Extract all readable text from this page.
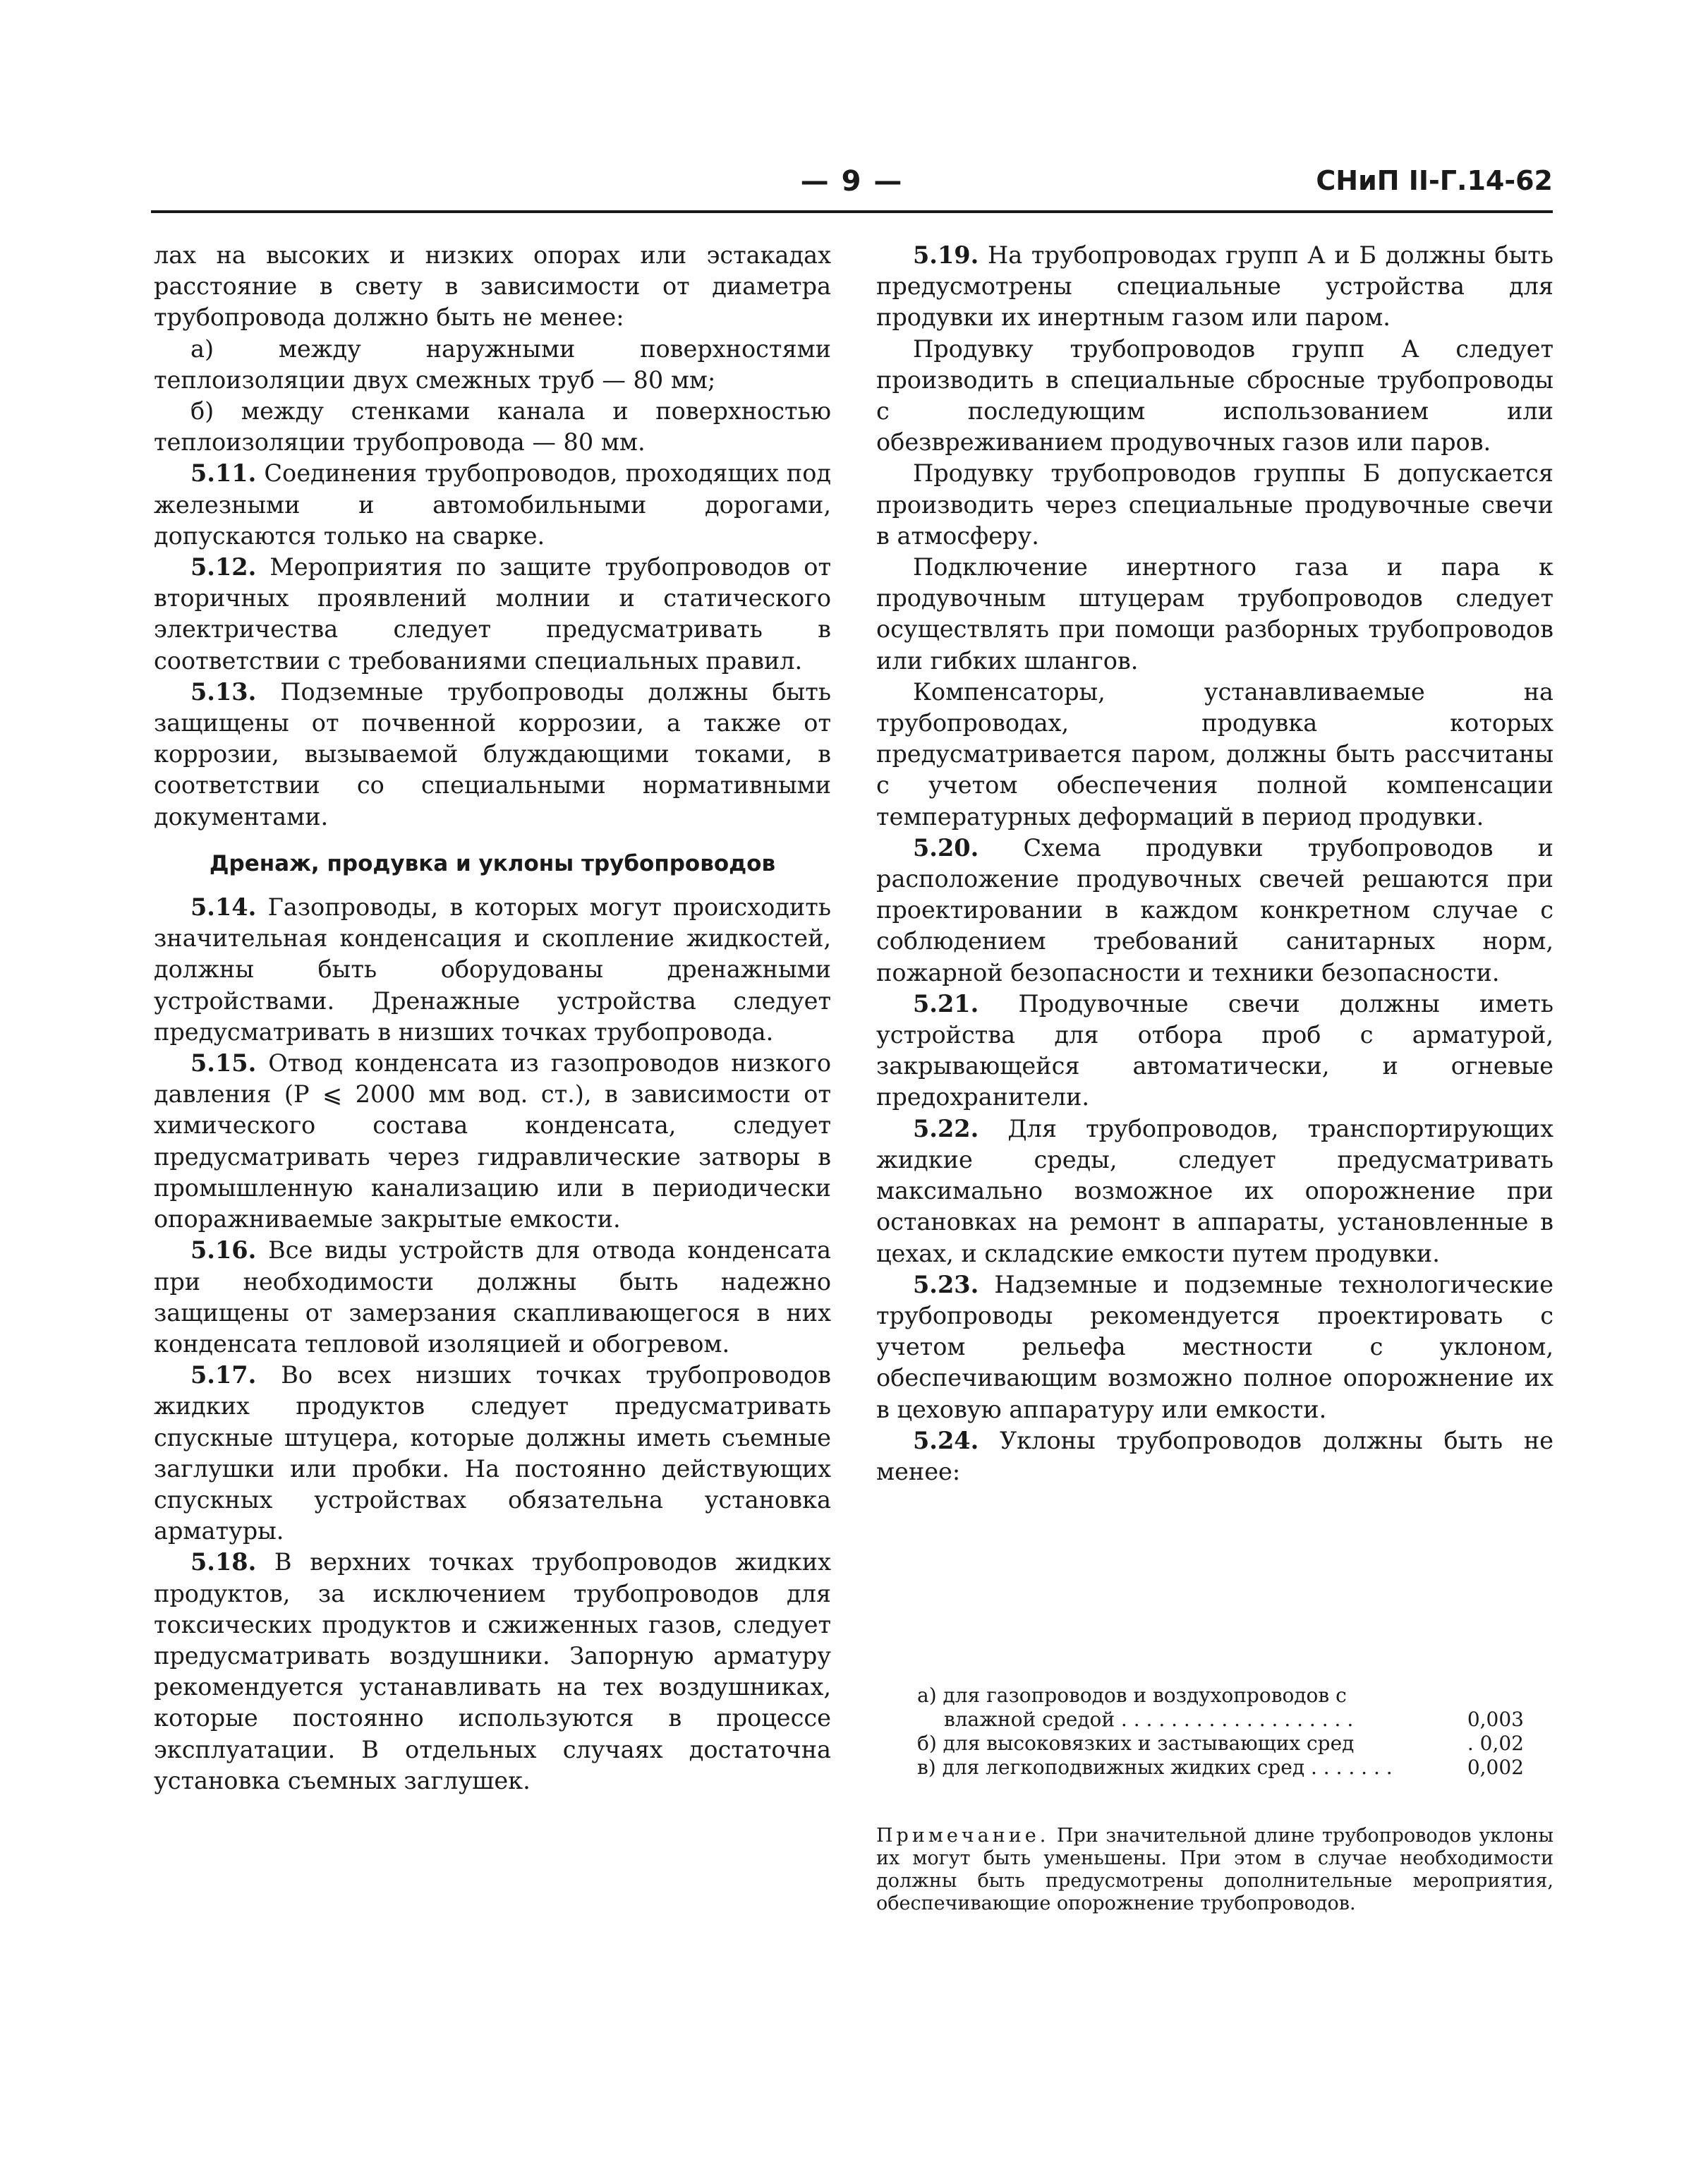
— 9 —	СНиП II-Г.14-62

лах на высоких и низких опорах или эстакадах расстояние в свету в зависимости от диаметра трубопровода должно быть не менее:

а) между наружными поверхностями теплоизоляции двух смежных труб — 80 мм;

б) между стенками канала и поверхностью теплоизоляции трубопровода — 80 мм.

5.11. Соединения трубопроводов, проходящих под железными и автомобильными дорогами, допускаются только на сварке.

5.12. Мероприятия по защите трубопроводов от вторичных проявлений молнии и статического электричества следует предусматривать в соответствии с требованиями специальных правил.

5.13. Подземные трубопроводы должны быть защищены от почвенной коррозии, а также от коррозии, вызываемой блуждающими токами, в соответствии со специальными нормативными документами.

Дренаж, продувка и уклоны трубопроводов

5.14. Газопроводы, в которых могут происходить значительная конденсация и скопление жидкостей, должны быть оборудованы дренажными устройствами. Дренажные устройства следует предусматривать в низших точках трубопровода.

5.15. Отвод конденсата из газопроводов низкого давления (P ⩽ 2000 мм вод. ст.), в зависимости от химического состава конденсата, следует предусматривать через гидравлические затворы в промышленную канализацию или в периодически опоражниваемые закрытые емкости.

5.16. Все виды устройств для отвода конденсата при необходимости должны быть надежно защищены от замерзания скапливающегося в них конденсата тепловой изоляцией и обогревом.

5.17. Во всех низших точках трубопроводов жидких продуктов следует предусматривать спускные штуцера, которые должны иметь съемные заглушки или пробки. На постоянно действующих спускных устройствах обязательна установка арматуры.

5.18. В верхних точках трубопроводов жидких продуктов, за исключением трубопроводов для токсических продуктов и сжиженных газов, следует предусматривать воздушники. Запорную арматуру рекомендуется устанавливать на тех воздушниках, которые постоянно используются в процессе эксплуатации. В отдельных случаях достаточна установка съемных заглушек.

5.19. На трубопроводах групп А и Б должны быть предусмотрены специальные устройства для продувки их инертным газом или паром.

Продувку трубопроводов групп А следует производить в специальные сбросные трубопроводы с последующим использованием или обезвреживанием продувочных газов или паров.

Продувку трубопроводов группы Б допускается производить через специальные продувочные свечи в атмосферу.

Подключение инертного газа и пара к продувочным штуцерам трубопроводов следует осуществлять при помощи разборных трубопроводов или гибких шлангов.

Компенсаторы, устанавливаемые на трубопроводах, продувка которых предусматривается паром, должны быть рассчитаны с учетом обеспечения полной компенсации температурных деформаций в период продувки.

5.20. Схема продувки трубопроводов и расположение продувочных свечей решаются при проектировании в каждом конкретном случае с соблюдением требований санитарных норм, пожарной безопасности и техники безопасности.

5.21. Продувочные свечи должны иметь устройства для отбора проб с арматурой, закрывающейся автоматически, и огневые предохранители.

5.22. Для трубопроводов, транспортирующих жидкие среды, следует предусматривать максимально возможное их опорожнение при остановках на ремонт в аппараты, установленные в цехах, и складские емкости путем продувки.

5.23. Надземные и подземные технологические трубопроводы рекомендуется проектировать с учетом рельефа местности с уклоном, обеспечивающим возможно полное опорожнение их в цеховую аппаратуру или емкости.

5.24. Уклоны трубопроводов должны быть не менее:

а) для газопроводов и воздухопроводов с
влажной средой . . . . . . . . . . . . . . . . . . .	0,003
б) для высоковязких и застывающих сред	. 0,02
в) для легкоподвижных жидких сред . . . . . . .	0,002
Примечание. При значительной длине трубопроводов уклоны их могут быть уменьшены. При этом в случае необходимости должны быть предусмотрены дополнительные мероприятия, обеспечивающие опорожнение трубопроводов.
